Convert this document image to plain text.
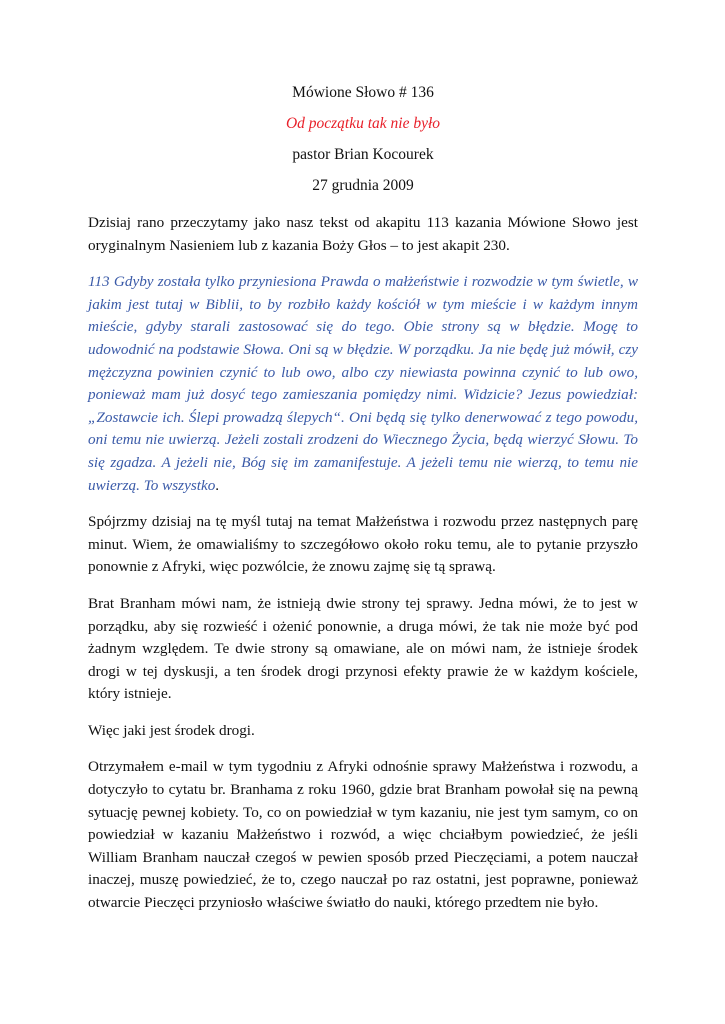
Mówione Słowo # 136

Od początku tak nie było

pastor Brian Kocourek

27 grudnia 2009

Dzisiaj rano przeczytamy jako nasz tekst od akapitu 113 kazania Mówione Słowo jest oryginalnym Nasieniem lub z kazania Boży Głos – to jest akapit 230.

113 Gdyby została tylko przyniesiona Prawda o małżeństwie i rozwodzie w tym świetle, w jakim jest tutaj w Biblii, to by rozbiło każdy kościół w tym mieście i w każdym innym mieście, gdyby starali zastosować się do tego. Obie strony są w błędzie. Mogę to udowodnić na podstawie Słowa. Oni są w błędzie. W porządku. Ja nie będę już mówił, czy mężczyzna powinien czynić to lub owo, albo czy niewiasta powinna czynić to lub owo, ponieważ mam już dosyć tego zamieszania pomiędzy nimi. Widzicie? Jezus powiedział: „Zostawcie ich. Ślepi prowadzą ślepych“. Oni będą się tylko denerwować z tego powodu, oni temu nie uwierzą. Jeżeli zostali zrodzeni do Wiecznego Życia, będą wierzyć Słowu. To się zgadza. A jeżeli nie, Bóg się im zamanifestuje. A jeżeli temu nie wierzą, to temu nie uwierzą. To wszystko.

Spójrzmy dzisiaj na tę myśl tutaj na temat Małżeństwa i rozwodu przez następnych parę minut. Wiem, że omawialiśmy to szczegółowo około roku temu, ale to pytanie przyszło ponownie z Afryki, więc pozwólcie, że znowu zajmę się tą sprawą.

Brat Branham mówi nam, że istnieją dwie strony tej sprawy. Jedna mówi, że to jest w porządku, aby się rozwieść i ożenić ponownie, a druga mówi, że tak nie może być pod żadnym względem. Te dwie strony są omawiane, ale on mówi nam, że istnieje środek drogi w tej dyskusji, a ten środek drogi przynosi efekty prawie że w każdym kościele, który istnieje.

Więc jaki jest środek drogi.

Otrzymałem e-mail w tym tygodniu z Afryki odnośnie sprawy Małżeństwa i rozwodu, a dotyczyło to cytatu br. Branhama z roku 1960, gdzie brat Branham powołał się na pewną sytuację pewnej kobiety. To, co on powiedział w tym kazaniu, nie jest tym samym, co on powiedział w kazaniu Małżeństwo i rozwód, a więc chciałbym powiedzieć, że jeśli William Branham nauczał czegoś w pewien sposób przed Pieczęciami, a potem nauczał inaczej, muszę powiedzieć, że to, czego nauczał po raz ostatni, jest poprawne, ponieważ otwarcie Pieczęci przyniosło właściwe światło do nauki, którego przedtem nie było.
